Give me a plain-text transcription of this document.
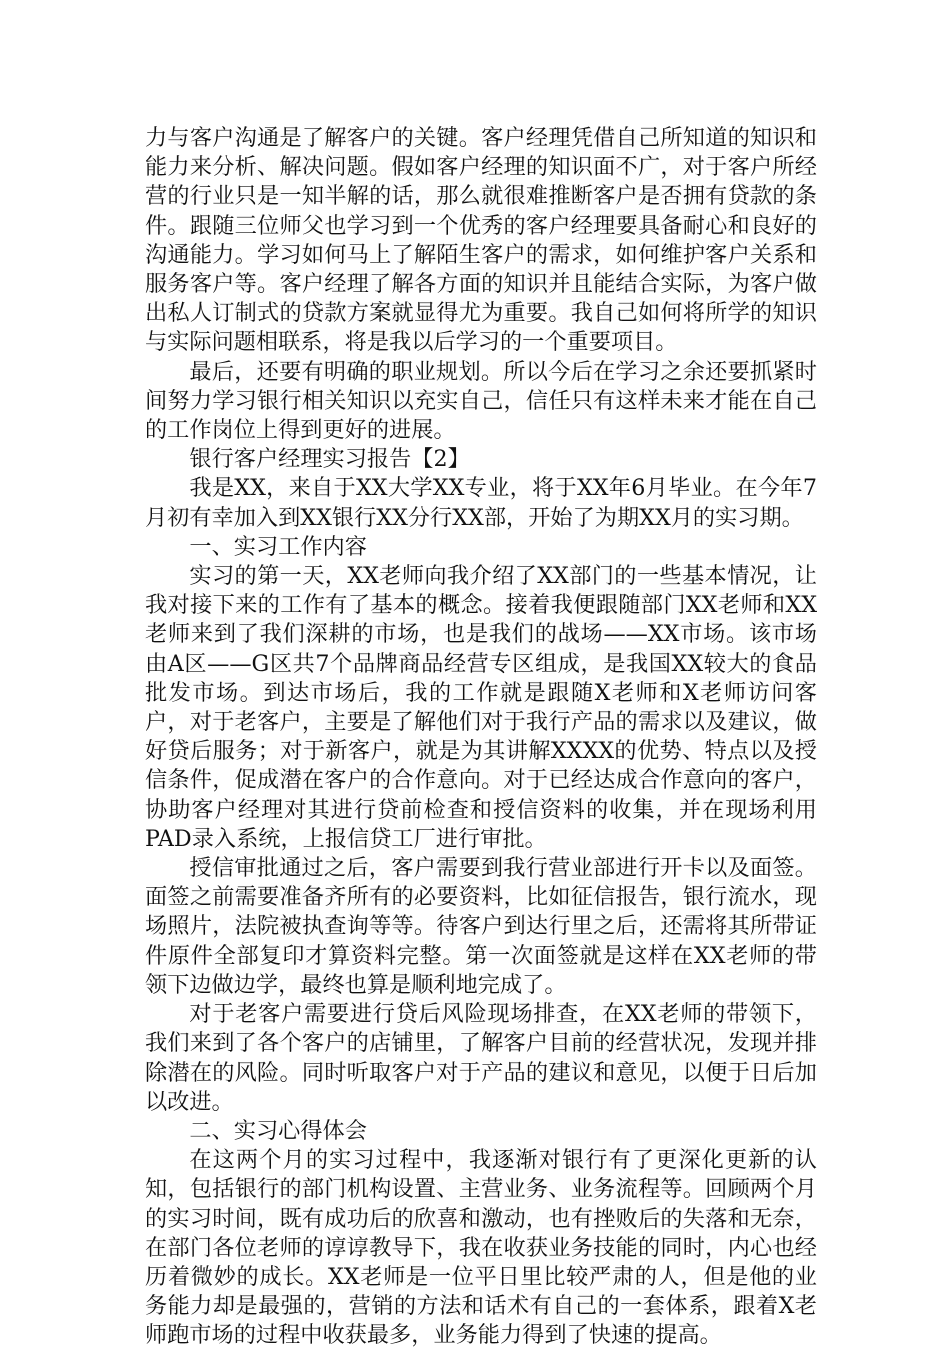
力与客户沟通是了解客户的关键。客户经理凭借自己所知道的知识和能力来分析、解决问题。假如客户经理的知识面不广，对于客户所经营的行业只是一知半解的话，那么就很难推断客户是否拥有贷款的条件。跟随三位师父也学习到一个优秀的客户经理要具备耐心和良好的沟通能力。学习如何马上了解陌生客户的需求，如何维护客户关系和服务客户等。客户经理了解各方面的知识并且能结合实际，为客户做出私人订制式的贷款方案就显得尤为重要。我自己如何将所学的知识与实际问题相联系，将是我以后学习的一个重要项目。

最后，还要有明确的职业规划。所以今后在学习之余还要抓紧时间努力学习银行相关知识以充实自己，信任只有这样未来才能在自己的工作岗位上得到更好的进展。

银行客户经理实习报告【2】

我是XX，来自于XX大学XX专业，将于XX年6月毕业。在今年7月初有幸加入到XX银行XX分行XX部，开始了为期XX月的实习期。

一、实习工作内容

实习的第一天，XX老师向我介绍了XX部门的一些基本情况，让我对接下来的工作有了基本的概念。接着我便跟随部门XX老师和XX老师来到了我们深耕的市场，也是我们的战场——XX市场。该市场由A区——G区共7个品牌商品经营专区组成，是我国XX较大的食品批发市场。到达市场后，我的工作就是跟随X老师和X老师访问客户，对于老客户，主要是了解他们对于我行产品的需求以及建议，做好贷后服务；对于新客户，就是为其讲解XXXX的优势、特点以及授信条件，促成潜在客户的合作意向。对于已经达成合作意向的客户，协助客户经理对其进行贷前检查和授信资料的收集，并在现场利用PAD录入系统，上报信贷工厂进行审批。

授信审批通过之后，客户需要到我行营业部进行开卡以及面签。面签之前需要准备齐所有的必要资料，比如征信报告，银行流水，现场照片，法院被执查询等等。待客户到达行里之后，还需将其所带证件原件全部复印才算资料完整。第一次面签就是这样在XX老师的带领下边做边学，最终也算是顺利地完成了。

对于老客户需要进行贷后风险现场排查，在XX老师的带领下，我们来到了各个客户的店铺里，了解客户目前的经营状况，发现并排除潜在的风险。同时听取客户对于产品的建议和意见，以便于日后加以改进。

二、实习心得体会

在这两个月的实习过程中，我逐渐对银行有了更深化更新的认知，包括银行的部门机构设置、主营业务、业务流程等。回顾两个月的实习时间，既有成功后的欣喜和激动，也有挫败后的失落和无奈，在部门各位老师的谆谆教导下，我在收获业务技能的同时，内心也经历着微妙的成长。XX老师是一位平日里比较严肃的人，但是他的业务能力却是最强的，营销的方法和话术有自己的一套体系，跟着X老师跑市场的过程中收获最多，业务能力得到了快速的提高。
